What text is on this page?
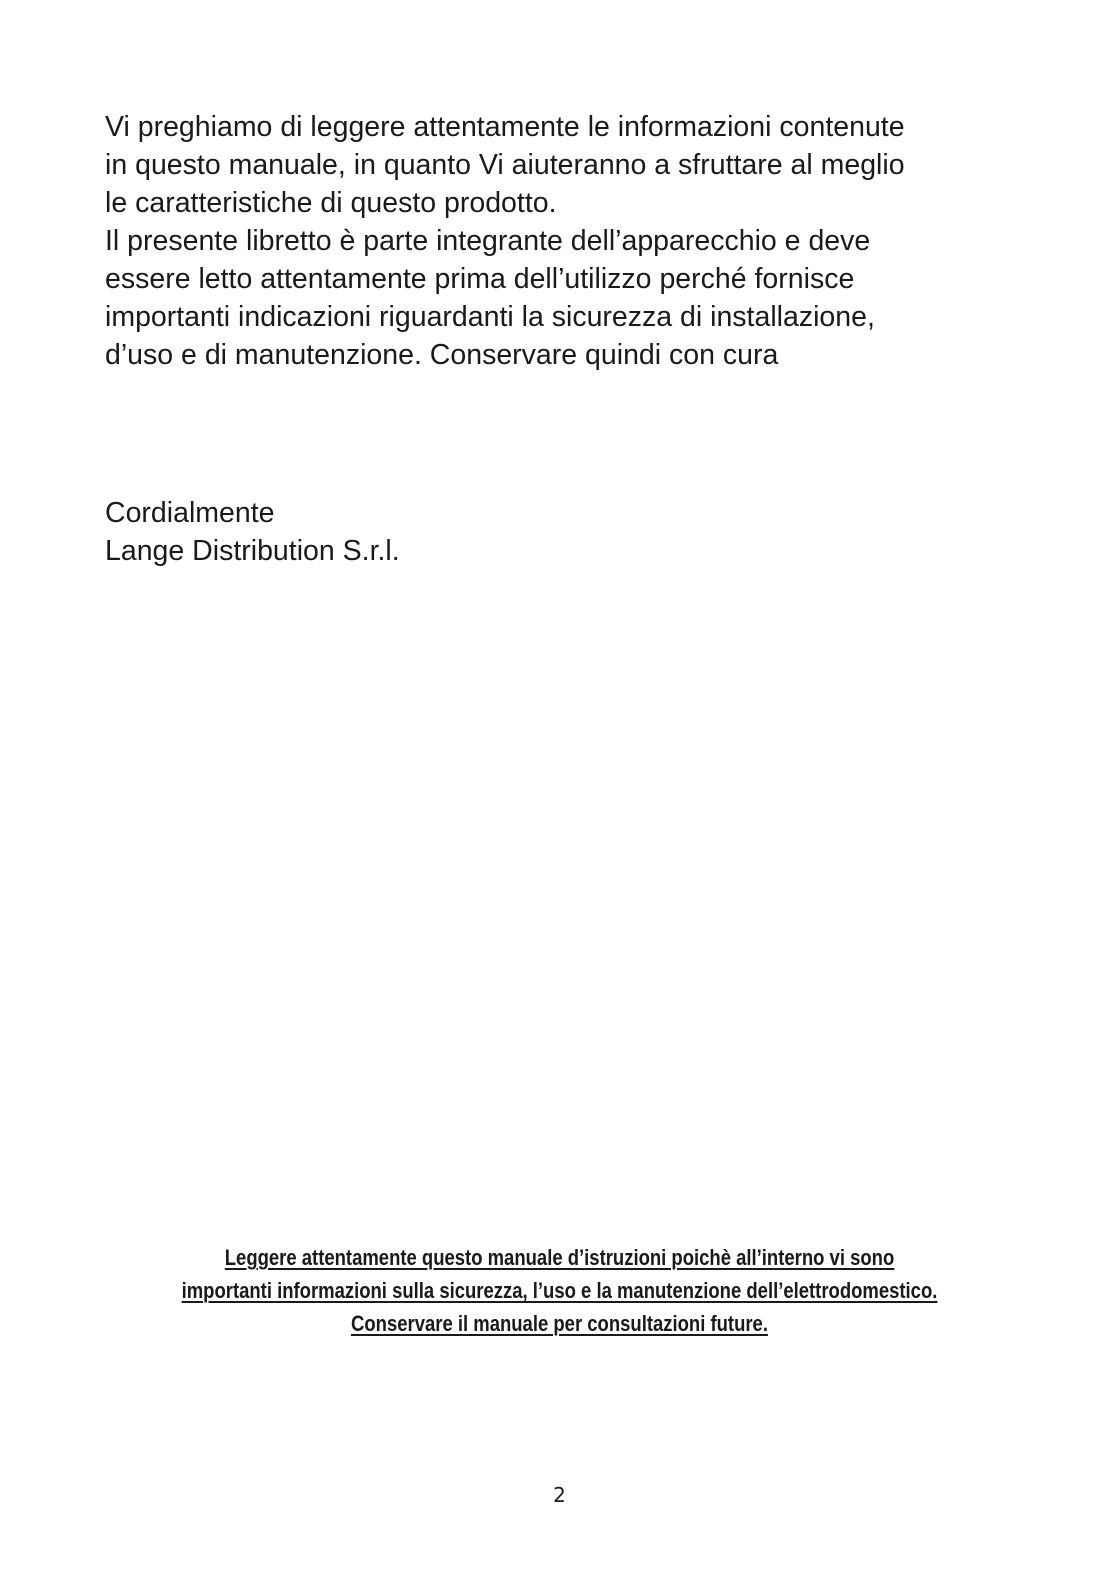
Vi preghiamo di leggere attentamente le informazioni contenute
in questo manuale, in quanto Vi aiuteranno a sfruttare al meglio
le caratteristiche di questo prodotto.
Il presente libretto è parte integrante dell’apparecchio e deve
essere letto attentamente prima dell’utilizzo perché fornisce
importanti indicazioni riguardanti la sicurezza di installazione,
d’uso e di manutenzione. Conservare quindi con cura
Cordialmente
Lange Distribution S.r.l.
Leggere attentamente questo manuale d’istruzioni poichè all’interno vi sono
importanti informazioni sulla sicurezza, l’uso e la manutenzione dell’elettrodomestico.
Conservare il manuale per consultazioni future.
2
